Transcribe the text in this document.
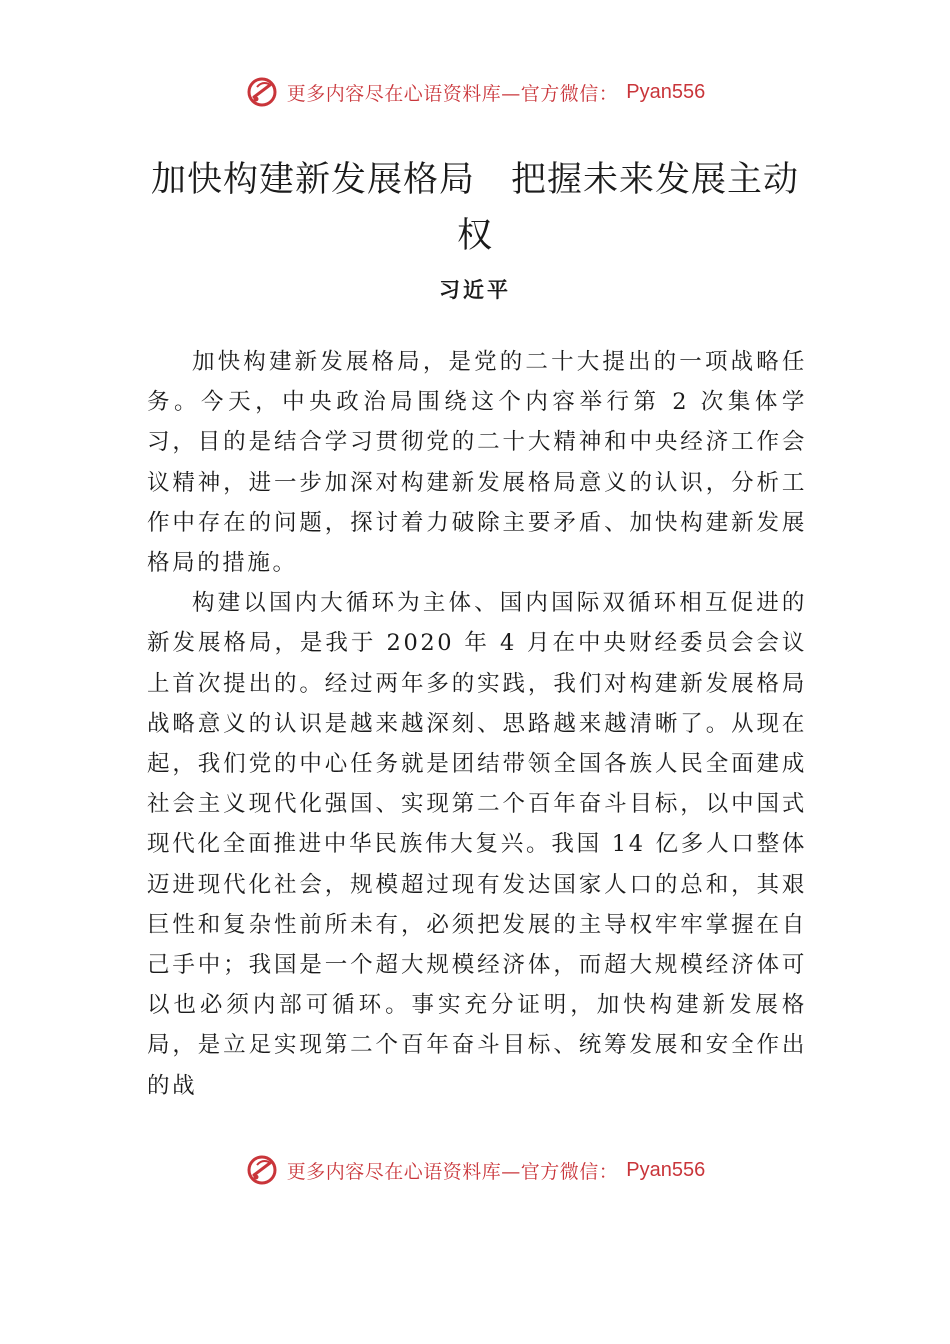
更多内容尽在心语资料库—官方微信： Pyan556
加快构建新发展格局 把握未来发展主动权
习近平

加快构建新发展格局，是党的二十大提出的一项战略任务。今天，中央政治局围绕这个内容举行第 2 次集体学习，目的是结合学习贯彻党的二十大精神和中央经济工作会议精神，进一步加深对构建新发展格局意义的认识，分析工作中存在的问题，探讨着力破除主要矛盾、加快构建新发展格局的措施。

构建以国内大循环为主体、国内国际双循环相互促进的新发展格局，是我于 2020 年 4 月在中央财经委员会会议上首次提出的。经过两年多的实践，我们对构建新发展格局战略意义的认识是越来越深刻、思路越来越清晰了。从现在起，我们党的中心任务就是团结带领全国各族人民全面建成社会主义现代化强国、实现第二个百年奋斗目标，以中国式现代化全面推进中华民族伟大复兴。我国 14 亿多人口整体迈进现代化社会，规模超过现有发达国家人口的总和，其艰巨性和复杂性前所未有，必须把发展的主导权牢牢掌握在自己手中；我国是一个超大规模经济体，而超大规模经济体可以也必须内部可循环。事实充分证明，加快构建新发展格局，是立足实现第二个百年奋斗目标、统筹发展和安全作出的战

更多内容尽在心语资料库—官方微信： Pyan556
